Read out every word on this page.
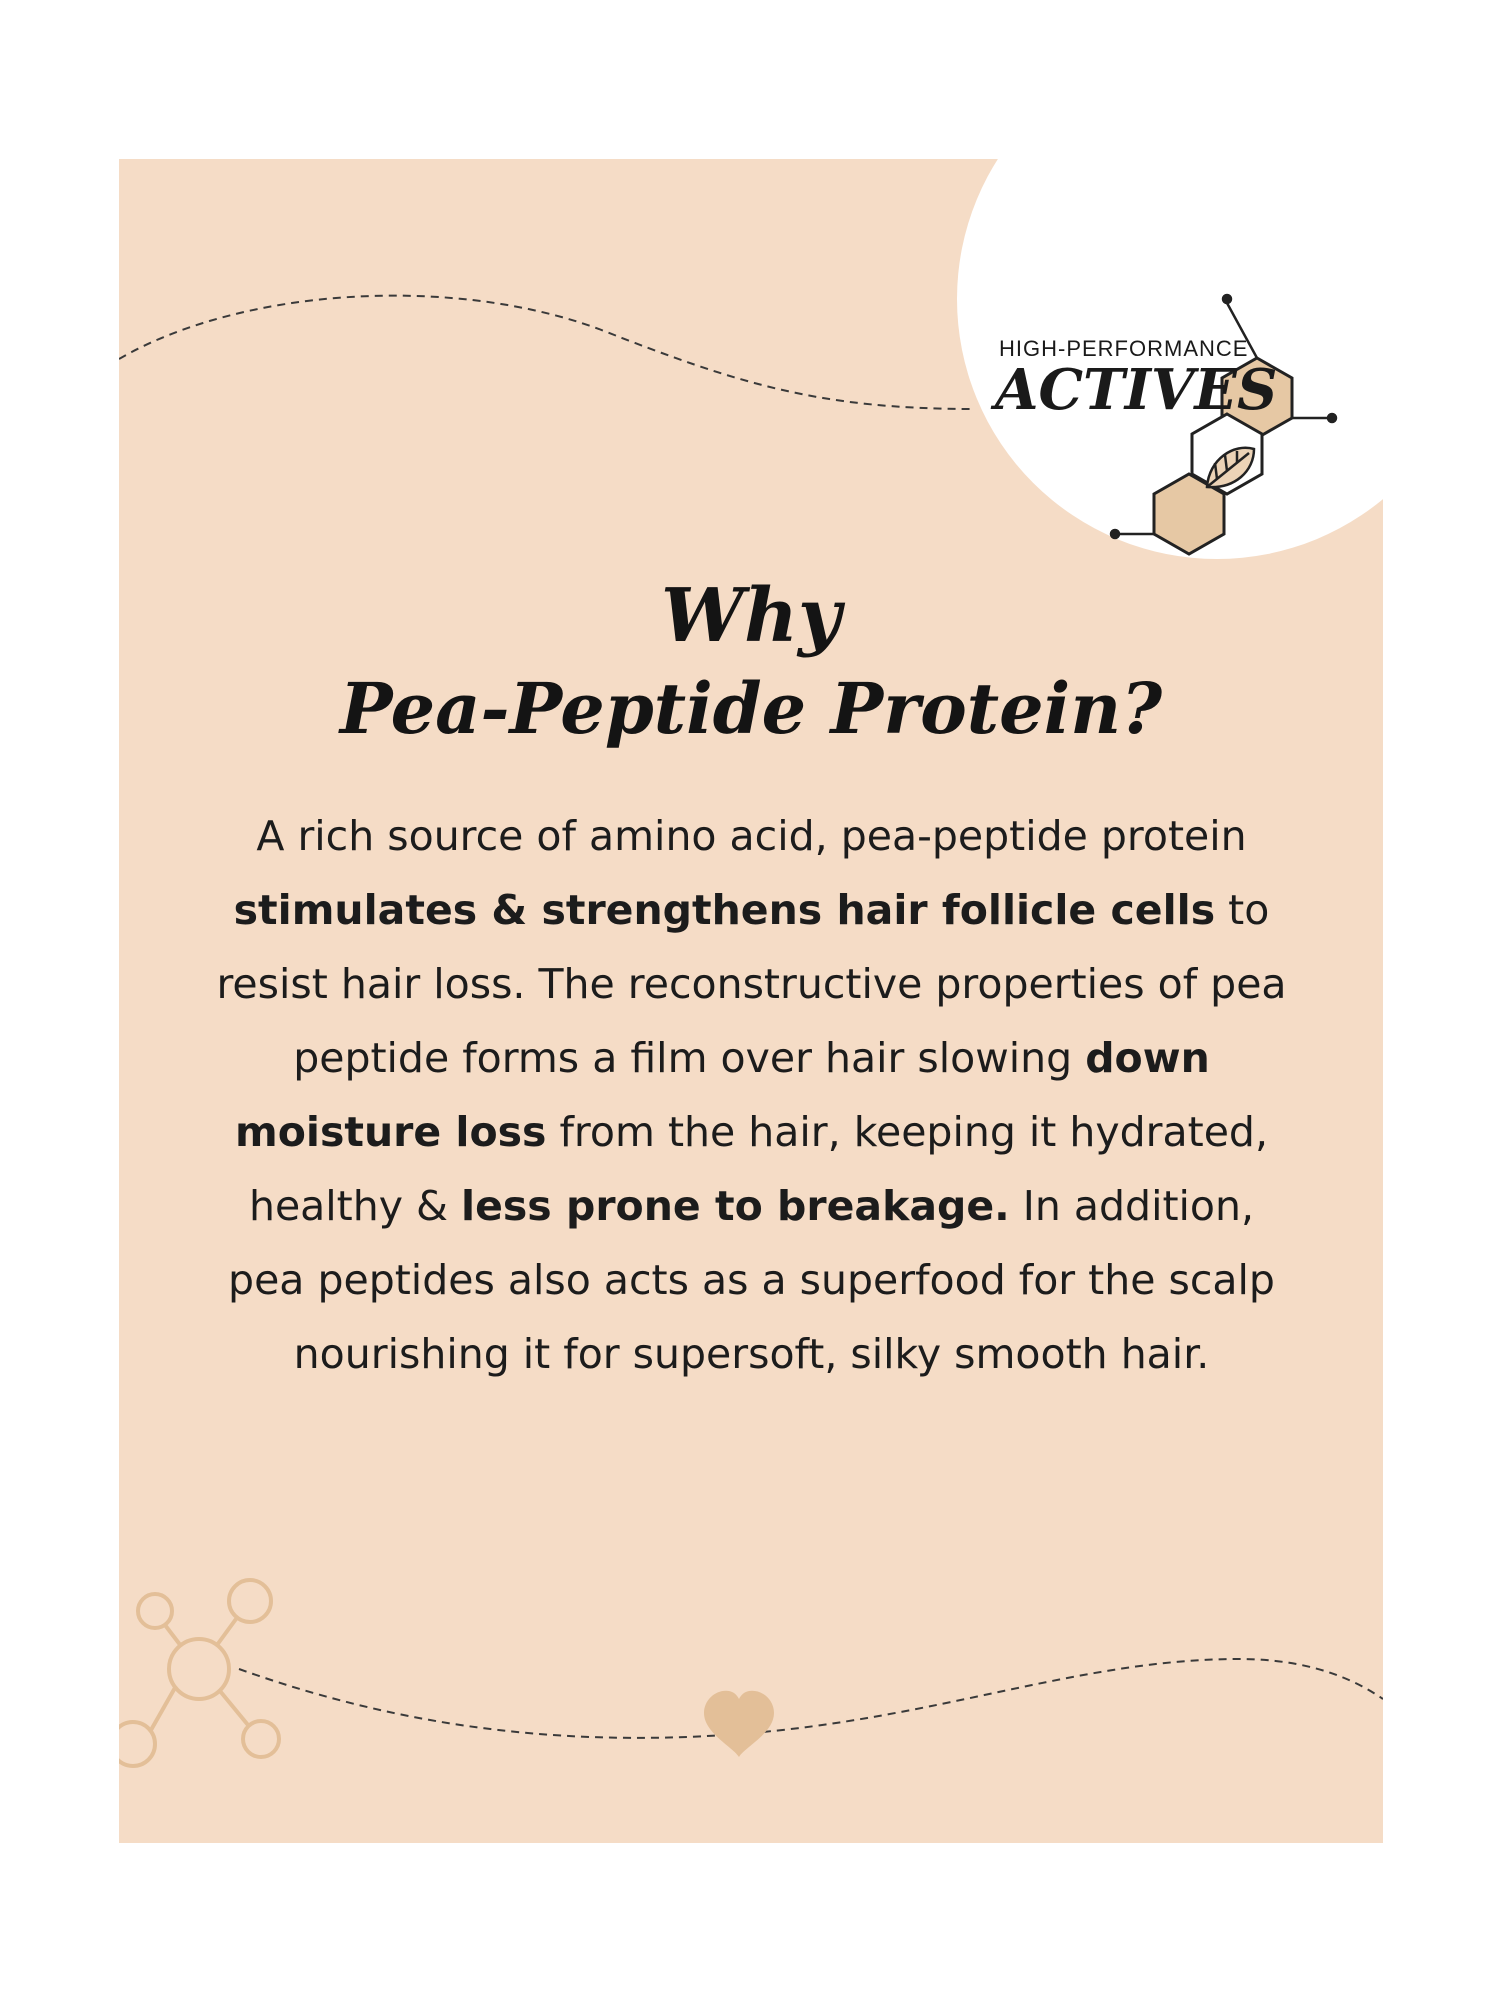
HIGH-PERFORMANCE
ACTIVES
Why
Pea-Peptide Protein?
A rich source of amino acid, pea-peptide protein stimulates & strengthens hair follicle cells to resist hair loss. The reconstructive properties of pea peptide forms a film over hair slowing down moisture loss from the hair, keeping it hydrated, healthy & less prone to breakage. In addition, pea peptides also acts as a superfood for the scalp nourishing it for supersoft, silky smooth hair.
